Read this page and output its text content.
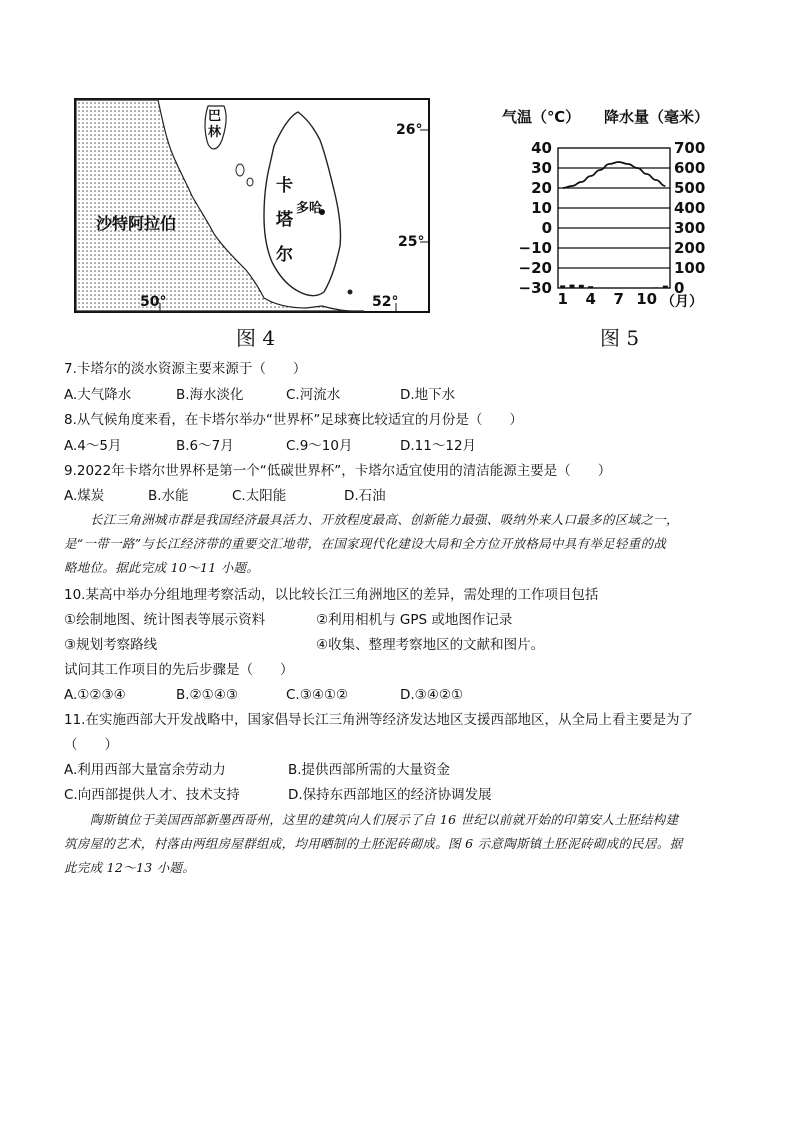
26°
25°
50°	52°
沙特阿拉伯
卡
塔
尔
多哈
巴
林
图 4
气温（℃） 降水量（毫米）
40
30
20
10
0
−10
−20
−30
700
600
500
400
300
200
100
0
1 4 7 10 （月）
图 5
7.卡塔尔的淡水资源主要来源于（　　）
A.大气降水	B.海水淡化	C.河流水	D.地下水
8.从气候角度来看，在卡塔尔举办“世界杯”足球赛比较适宜的月份是（　　）
A.4～5月	B.6～7月	C.9～10月	D.11～12月
9.2022年卡塔尔世界杯是第一个“低碳世界杯”，卡塔尔适宜使用的清洁能源主要是（　　）
A.煤炭	B.水能	C.太阳能	D.石油
长江三角洲城市群是我国经济最具活力、开放程度最高、创新能力最强、吸纳外来人口最多的区域之一，
是“一带一路”与长江经济带的重要交汇地带，在国家现代化建设大局和全方位开放格局中具有举足轻重的战
略地位。据此完成 10～11 小题。
10.某高中举办分组地理考察活动，以比较长江三角洲地区的差异，需处理的工作项目包括
①绘制地图、统计图表等展示资料	②利用相机与 GPS 或地图作记录
③规划考察路线	④收集、整理考察地区的文献和图片。
试问其工作项目的先后步骤是（　　）
A.①②③④	B.②①④③	C.③④①②	D.③④②①
11.在实施西部大开发战略中，国家倡导长江三角洲等经济发达地区支援西部地区，从全局上看主要是为了
（　　）
A.利用西部大量富余劳动力	B.提供西部所需的大量资金
C.向西部提供人才、技术支持	D.保持东西部地区的经济协调发展
陶斯镇位于美国西部新墨西哥州，这里的建筑向人们展示了自 16 世纪以前就开始的印第安人土胚结构建
筑房屋的艺术，村落由两组房屋群组成，均用晒制的土胚泥砖砌成。图 6 示意陶斯镇土胚泥砖砌成的民居。据
此完成 12～13 小题。
